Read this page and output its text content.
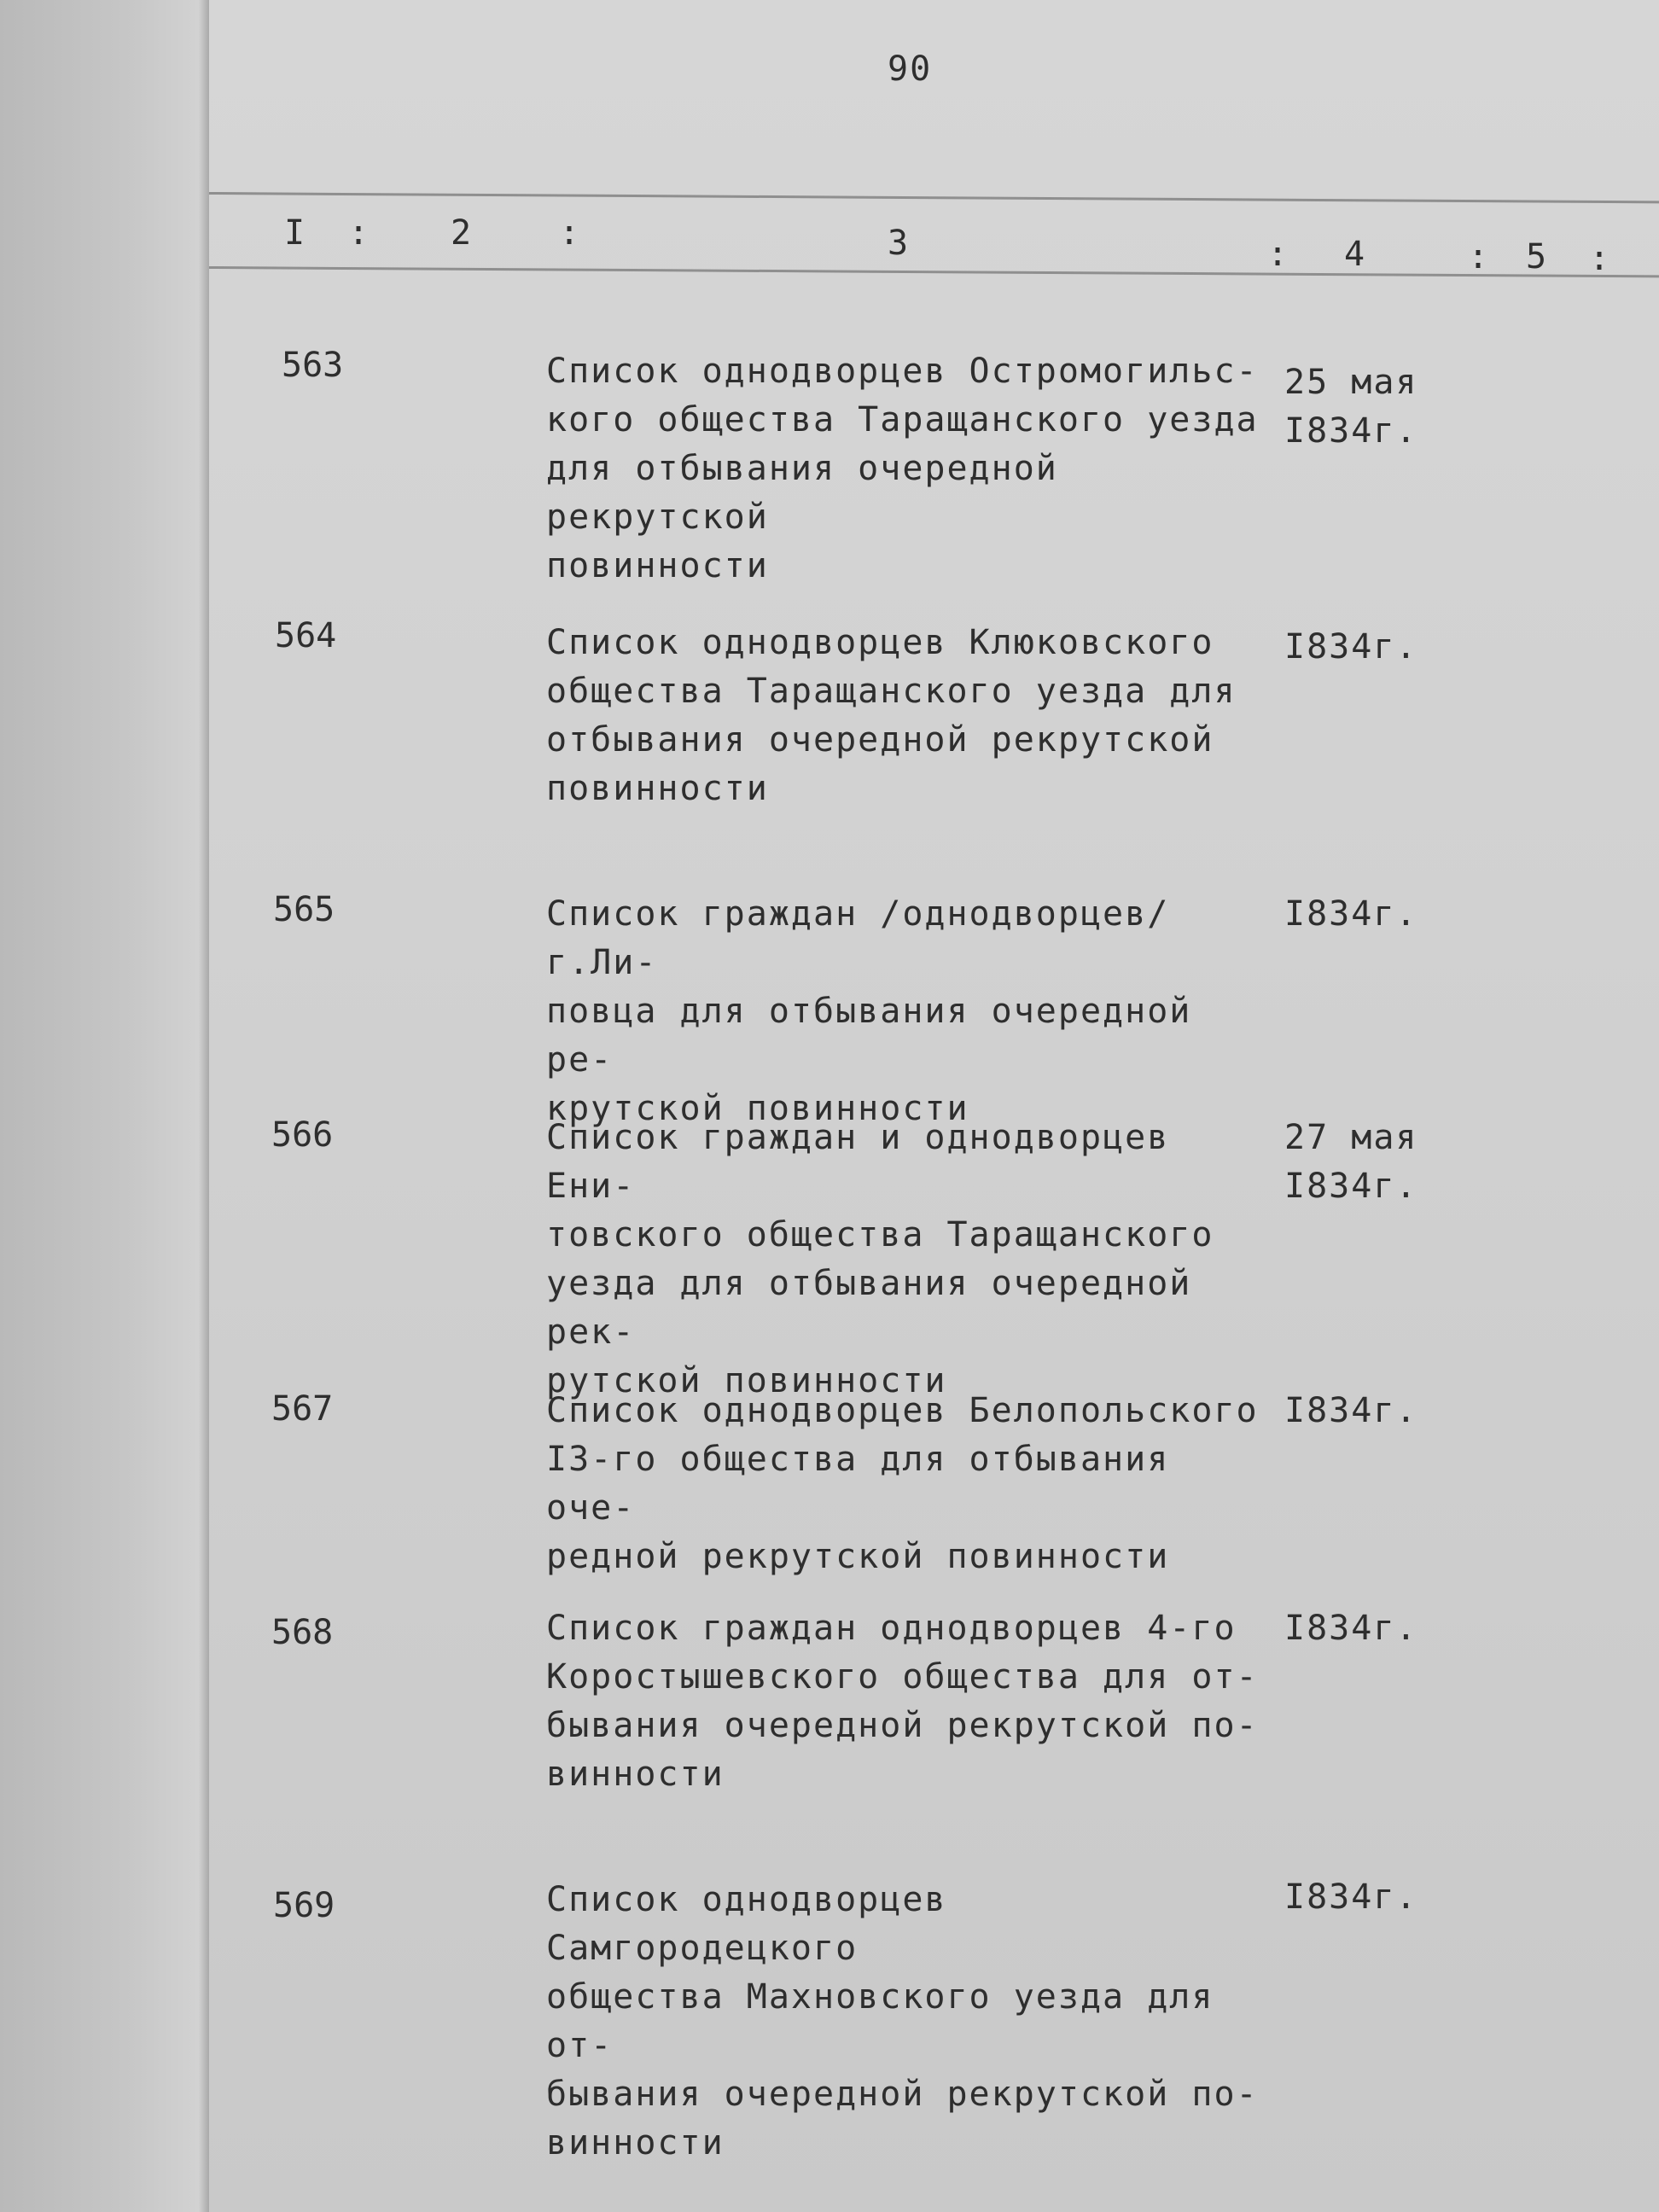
90
I : 2	:	3	: 4	: 5 :
563	Список однодворцев Остромогильс-
кого общества Таращанского уезда
для отбывания очередной рекрутской
повинности
25 мая
I834г.
564	Список однодворцев Клюковского
общества Таращанского уезда для
отбывания очередной рекрутской
повинности
I834г.
565	Список граждан /однодворцев/ г.Ли-
повца для отбывания очередной ре-
крутской повинности
I834г.
566	Список граждан и однодворцев Ени-
товского общества Таращанского
уезда для отбывания очередной рек-
рутской повинности
27 мая
I834г.
567	Список однодворцев Белопольского
I3-го общества для отбывания оче-
редной рекрутской повинности
I834г.
568	Список граждан однодворцев 4-го
Коростышевского общества для от-
бывания очередной рекрутской по-
винности
I834г.
569	Список однодворцев Самгородецкого
общества Махновского уезда для от-
бывания очередной рекрутской по-
винности
I834г.
